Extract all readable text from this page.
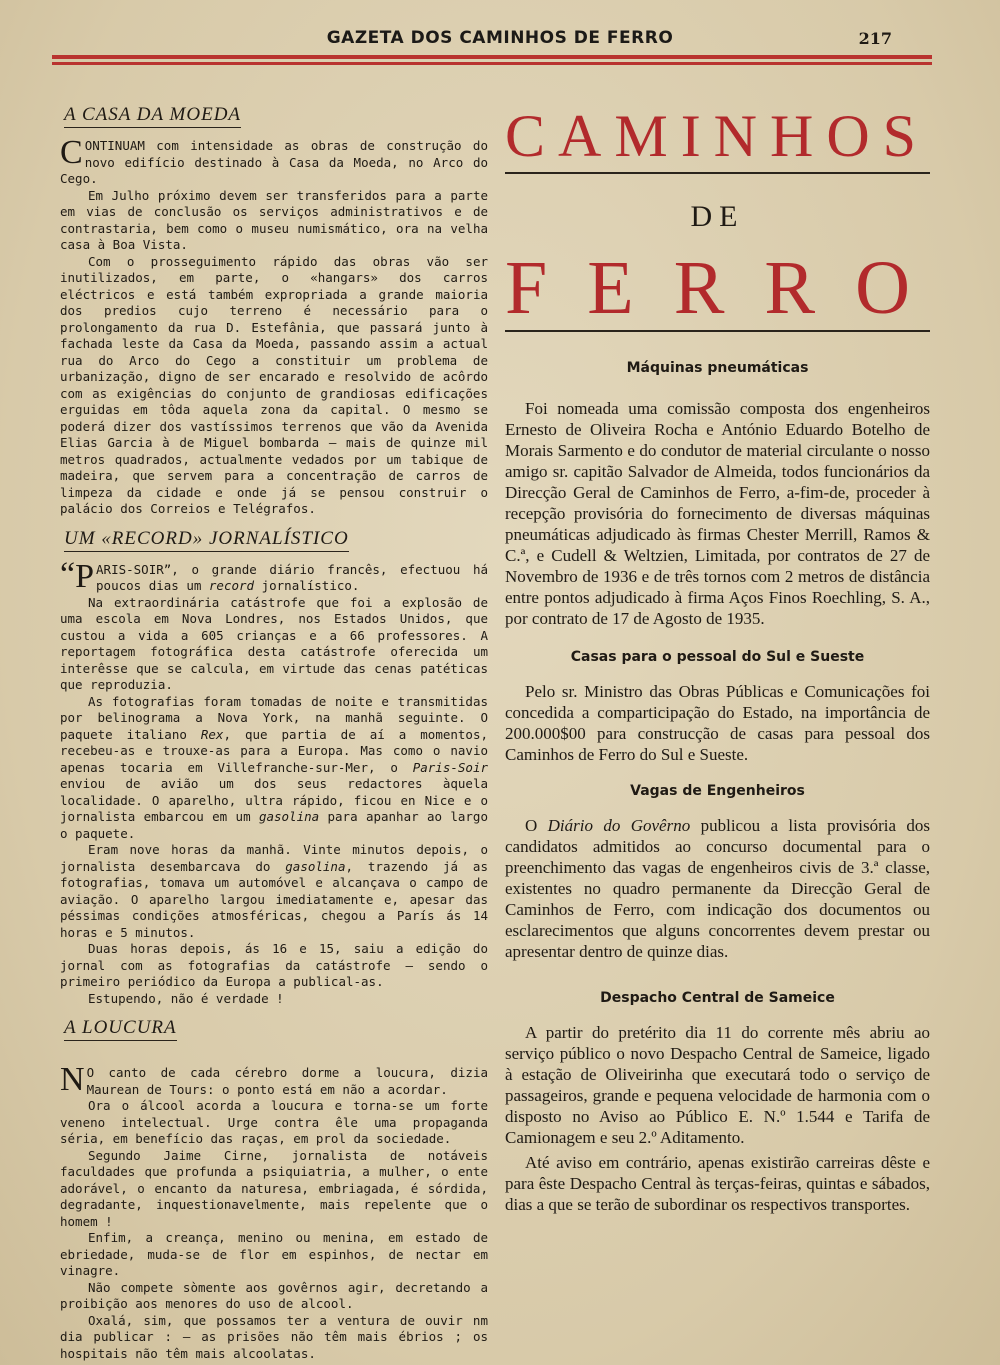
GAZETA DOS CAMINHOS DE FERRO	217
A CASA DA MOEDA

CONTINUAM com intensidade as obras de construção do novo edifício destinado à Casa da Moeda, no Arco do Cego.

Em Julho próximo devem ser transferidos para a parte em vias de conclusão os serviços administrativos e de contrastaria, bem como o museu numismático, ora na velha casa à Boa Vista.

Com o prosseguimento rápido das obras vão ser inutilizados, em parte, o «hangars» dos carros eléctricos e está também expropriada a grande maioria dos predios cujo terreno é necessário para o prolongamento da rua D. Estefânia, que passará junto à fachada leste da Casa da Moeda, passando assim a actual rua do Arco do Cego a constituir um problema de urbanização, digno de ser encarado e resolvido de acôrdo com as exigências do conjunto de grandiosas edificações erguidas em tôda aquela zona da capital. O mesmo se poderá dizer dos vastíssimos terrenos que vão da Avenida Elias Garcia à de Miguel bombarda — mais de quinze mil metros quadrados, actualmente vedados por um tabique de madeira, que servem para a concentração de carros de limpeza da cidade e onde já se pensou construir o palácio dos Correios e Telégrafos.

UM «RECORD» JORNALÍSTICO

“ P ARIS-SOIR”, o grande diário francês, efectuou há poucos dias um record jornalístico.

Na extraordinária catástrofe que foi a explosão de uma escola em Nova Londres, nos Estados Unidos, que custou a vida a 605 crianças e a 66 professores. A reportagem fotográfica desta catástrofe oferecida um interêsse que se calcula, em virtude das cenas patéticas que reproduzia.

As fotografias foram tomadas de noite e transmitidas por belinograma a Nova York, na manhã seguinte. O paquete italiano Rex, que partia de aí a momentos, recebeu-as e trouxe-as para a Europa. Mas como o navio apenas tocaria em Villefranche-sur-Mer, o Paris-Soir enviou de avião um dos seus redactores àquela localidade. O aparelho, ultra rápido, ficou en Nice e o jornalista embarcou em um gasolina para apanhar ao largo o paquete.

Eram nove horas da manhã. Vinte minutos depois, o jornalista desembarcava do gasolina, trazendo já as fotografias, tomava um automóvel e alcançava o campo de aviação. O aparelho largou imediatamente e, apesar das péssimas condições atmosféricas, chegou a París ás 14 horas e 5 minutos.

Duas horas depois, ás 16 e 15, saiu a edição do jornal com as fotografias da catástrofe — sendo o primeiro periódico da Europa a publical-as.

Estupendo, não é verdade !

A LOUCURA

N O canto de cada cérebro dorme a loucura, dizia Maurean de Tours: o ponto está em não a acordar.

Ora o álcool acorda a loucura e torna-se um forte veneno intelectual. Urge contra êle uma propaganda séria, em benefício das raças, em prol da sociedade.

Segundo Jaime Cirne, jornalista de notáveis faculdades que profunda a psiquiatria, a mulher, o ente adorável, o encanto da naturesa, embriagada, é sórdida, degradante, inquestionavelmente, mais repelente que o homem !

Enfim, a creança, menino ou menina, em estado de ebriedade, muda-se de flor em espinhos, de nectar em vinagre.

Não compete sòmente aos govêrnos agir, decretando a proibição aos menores do uso de alcool.

Oxalá, sim, que possamos ter a ventura de ouvir nm dia publicar : — as prisões não têm mais ébrios ; os hospitais não têm mais alcoolatas.

CAMINHOS
DE
FERRO
Máquinas pneumáticas

Foi nomeada uma comissão composta dos engenheiros Ernesto de Oliveira Rocha e António Eduardo Botelho de Morais Sarmento e do condutor de material circulante o nosso amigo sr. capitão Salvador de Almeida, todos funcionários da Direcção Geral de Caminhos de Ferro, a-fim-de, proceder à recepção provisória do fornecimento de diversas máquinas pneumáticas adjudicado às firmas Chester Merrill, Ramos & C.ª, e Cudell & Weltzien, Limitada, por contratos de 27 de Novembro de 1936 e de três tornos com 2 metros de distância entre pontos adjudicado à firma Aços Finos Roechling, S. A., por contrato de 17 de Agosto de 1935.

Casas para o pessoal do Sul e Sueste

Pelo sr. Ministro das Obras Públicas e Comunicações foi concedida a comparticipação do Estado, na importância de 200.000$00 para construcção de casas para pessoal dos Caminhos de Ferro do Sul e Sueste.

Vagas de Engenheiros

O Diário do Govêrno publicou a lista provisória dos candidatos admitidos ao concurso documental para o preenchimento das vagas de engenheiros civis de 3.ª classe, existentes no quadro permanente da Direcção Geral de Caminhos de Ferro, com indicação dos documentos ou esclarecimentos que alguns concorrentes devem prestar ou apresentar dentro de quinze dias.

Despacho Central de Sameice

A partir do pretérito dia 11 do corrente mês abriu ao serviço público o novo Despacho Central de Sameice, ligado à estação de Oliveirinha que executará todo o serviço de passageiros, grande e pequena velocidade de harmonia com o disposto no Aviso ao Público E. N.º 1.544 e Tarifa de Camionagem e seu 2.º Aditamento.

Até aviso em contrário, apenas existirão carreiras dêste e para êste Despacho Central às terças-feiras, quintas e sábados, dias a que se terão de subordinar os respectivos transportes.
